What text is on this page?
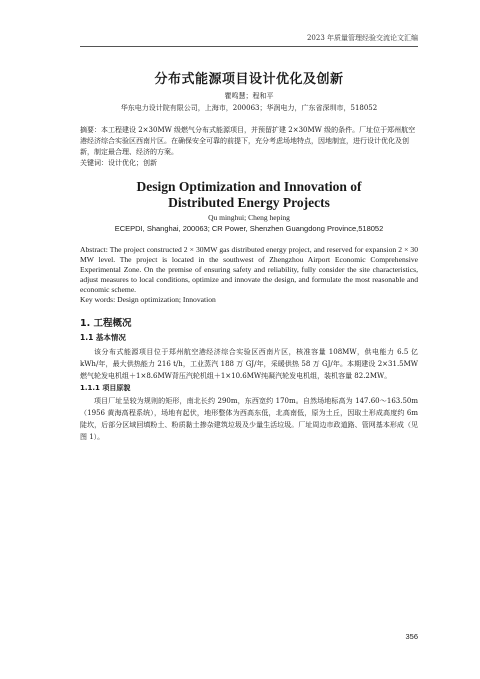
2023 年质量管理经验交流论文汇编
分布式能源项目设计优化及创新
瞿鸣慧；程和平
华东电力设计院有限公司，上海市，200063；华润电力，广东省深圳市，518052

摘要：本工程建设 2×30MW 级燃气分布式能源项目，并预留扩建 2×30MW 级的条件。厂址位于郑州航空港经济综合实验区西南片区。在确保安全可靠的前提下，充分考虑场地特点，因地制宜，进行设计优化及创新，制定最合理、经济的方案。

关键词：设计优化；创新

Design Optimization and Innovation of
Distributed Energy Projects
Qu minghui; Cheng heping
ECEPDI, Shanghai, 200063; CR Power, Shenzhen Guangdong Province,518052

Abstract: The project constructed 2 × 30MW gas distributed energy project, and reserved for expansion 2 × 30 MW level. The project is located in the southwest of Zhengzhou Airport Economic Comprehensive Experimental Zone. On the premise of ensuring safety and reliability, fully consider the site characteristics, adjust measures to local conditions, optimize and innovate the design, and formulate the most reasonable and economic scheme.

Key words: Design optimization; Innovation

1. 工程概况
1.1 基本情况

该分布式能源项目位于郑州航空港经济综合实验区西南片区，核准容量 108MW，供电能力 6.5 亿 kWh/年，最大供热能力 216 t/h，工业蒸汽 188 万 GJ/年，采暖供热 58 万 GJ/年。本期建设 2×31.5MW燃气轮发电机组＋1×8.6MW背压汽轮机组＋1×10.6MW纯凝汽轮发电机组，装机容量 82.2MW。

1.1.1 项目原貌

项目厂址呈较为规则的矩形，南北长约 290m，东西宽约 170m。自然场地标高为 147.60～163.50m（1956 黄海高程系统），场地有起伏，地形整体为西高东低，北高南低，原为土丘，因取土形成高度约 6m 陡坎，后部分区域回填粉土、粉质黏土掺杂建筑垃圾及少量生活垃圾。厂址周边市政道路、管网基本形成（见图 1）。

356
